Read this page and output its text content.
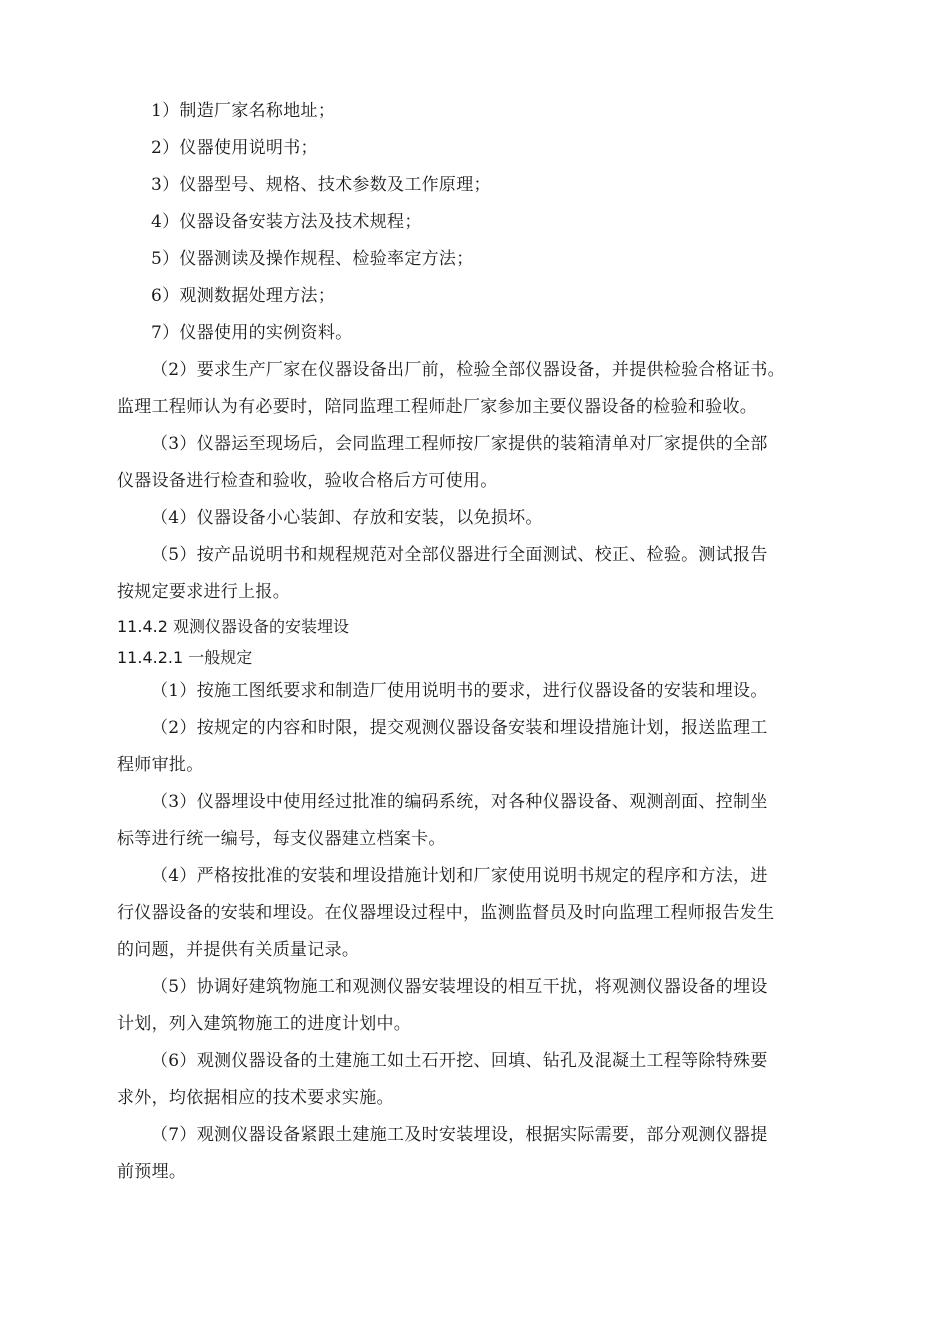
1）制造厂家名称地址；
2）仪器使用说明书；
3）仪器型号、规格、技术参数及工作原理；
4）仪器设备安装方法及技术规程；
5）仪器测读及操作规程、检验率定方法；
6）观测数据处理方法；
7）仪器使用的实例资料。
（2）要求生产厂家在仪器设备出厂前，检验全部仪器设备，并提供检验合格证书。
监理工程师认为有必要时，陪同监理工程师赴厂家参加主要仪器设备的检验和验收。
（3）仪器运至现场后，会同监理工程师按厂家提供的装箱清单对厂家提供的全部
仪器设备进行检查和验收，验收合格后方可使用。
（4）仪器设备小心装卸、存放和安装，以免损坏。
（5）按产品说明书和规程规范对全部仪器进行全面测试、校正、检验。测试报告
按规定要求进行上报。
11.4.2 观测仪器设备的安装埋设
11.4.2.1 一般规定
（1）按施工图纸要求和制造厂使用说明书的要求，进行仪器设备的安装和埋设。
（2）按规定的内容和时限，提交观测仪器设备安装和埋设措施计划，报送监理工
程师审批。
（3）仪器埋设中使用经过批准的编码系统，对各种仪器设备、观测剖面、控制坐
标等进行统一编号，每支仪器建立档案卡。
（4）严格按批准的安装和埋设措施计划和厂家使用说明书规定的程序和方法，进
行仪器设备的安装和埋设。在仪器埋设过程中，监测监督员及时向监理工程师报告发生
的问题，并提供有关质量记录。
（5）协调好建筑物施工和观测仪器安装埋设的相互干扰，将观测仪器设备的埋设
计划，列入建筑物施工的进度计划中。
（6）观测仪器设备的土建施工如土石开挖、回填、钻孔及混凝土工程等除特殊要
求外，均依据相应的技术要求实施。
（7）观测仪器设备紧跟土建施工及时安装埋设，根据实际需要，部分观测仪器提
前预埋。
